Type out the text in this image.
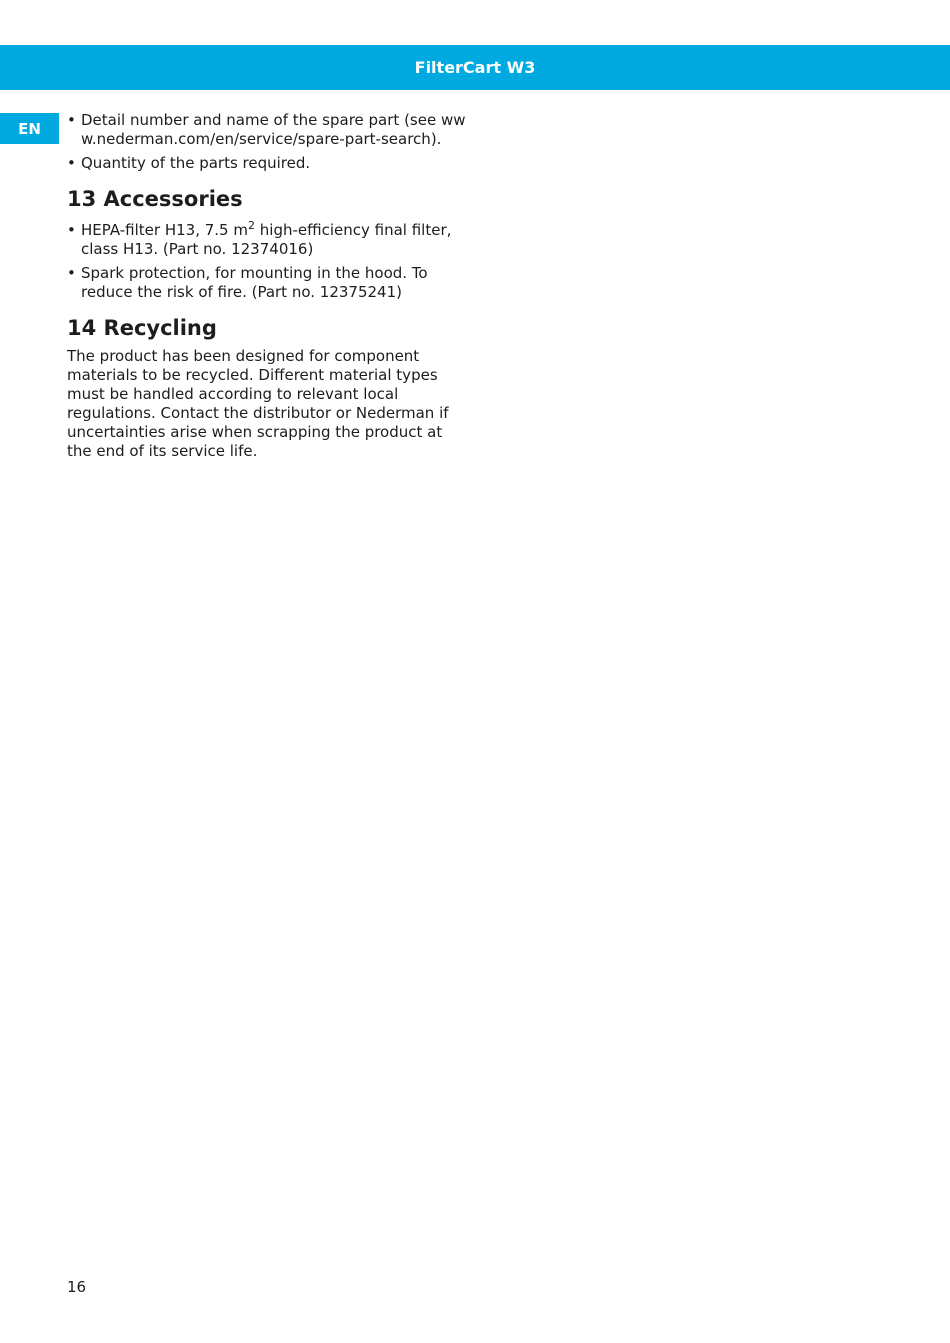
FilterCart W3
EN • Detail number and name of the spare part (see www.nederman.com/en/service/spare-part-search).
• Quantity of the parts required.
13 Accessories
• HEPA-filter H13, 7.5 $m^2$ high-efficiency final filter, class H13. (Part no. 12374016)
• Spark protection, for mounting in the hood. To reduce the risk of fire. (Part no. 12375241)
14 Recycling

The product has been designed for component materials to be recycled. Different material types must be handled according to relevant local regulations. Contact the distributor or Nederman if uncertainties arise when scrapping the product at the end of its service life.

16
